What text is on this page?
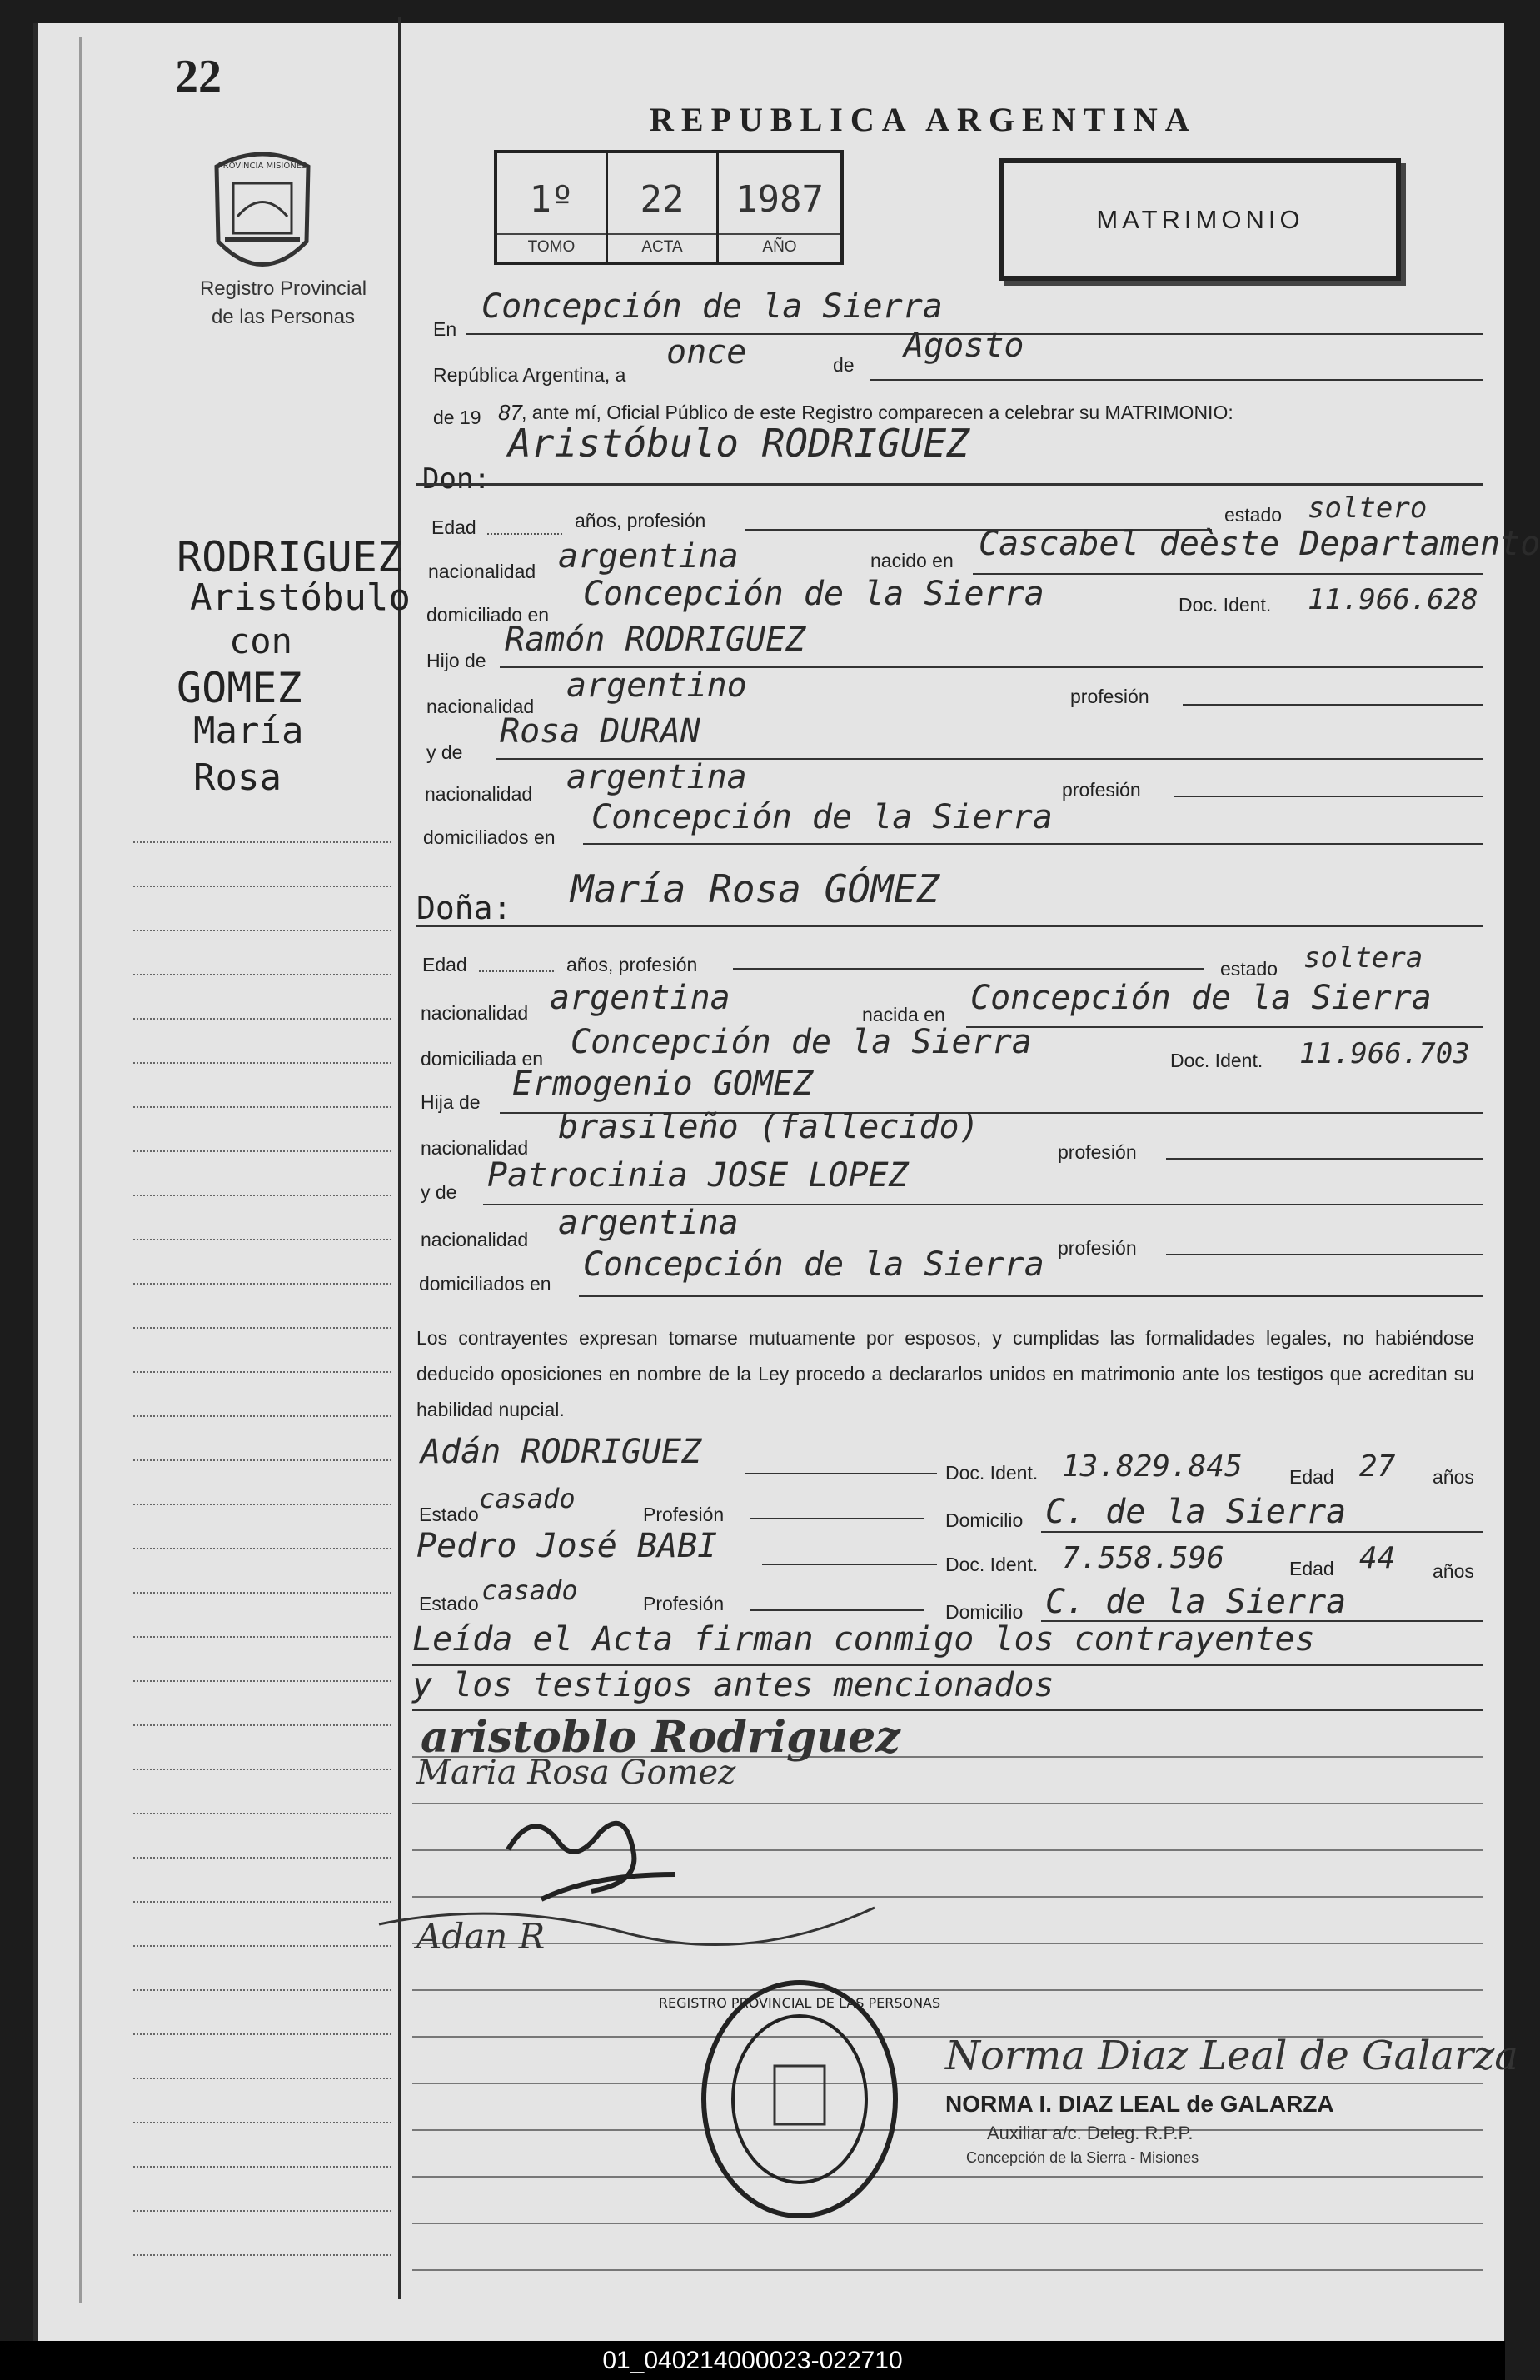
22
PROVINCIA MISIONES
Registro Provincial
de las Personas
RODRIGUEZ
Aristóbulo
con
GOMEZ
María
Rosa
REPUBLICA ARGENTINA
1º
TOMO
22
ACTA
1987
AÑO
MATRIMONIO
En
Concepción de la Sierra
República Argentina, a
once	de Agosto
de 19 87 , ante mí, Oficial Público de este Registro comparecen a celebrar su MATRIMONIO:
Don:
Aristóbulo RODRIGUEZ
Edad	años, profesión	estado soltero
nacionalidad argentina	nacido en Cascabel deèste Departamento
domiciliado en
Concepción de la Sierra	Doc. Ident. 11.966.628
Hijo de
Ramón RODRIGUEZ
nacionalidad
argentino	profesión
y de
Rosa DURAN
nacionalidad argentina	profesión
domiciliados en
Concepción de la Sierra
Doña: María Rosa GÓMEZ
Edad	años, profesión	estado soltera
nacionalidad argentina	nacida en Concepción de la Sierra
domiciliada en Concepción de la Sierra	Doc. Ident. 11.966.703
Hija de Ermogenio GOMEZ
nacionalidad
brasileño (fallecido)
profesión
y de Patrocinia JOSE LOPEZ
nacionalidad argentina
profesión
domiciliados en Concepción de la Sierra
Los contrayentes expresan tomarse mutuamente por esposos, y cumplidas las formalidades legales, no habiéndose deducido oposiciones en nombre de la Ley procedo a declararlos unidos en matrimonio ante los testigos que acreditan su habilidad nupcial.
Adán RODRIGUEZ
Doc. Ident. 13.829.845 Edad 27 años
Estado casado	Profesión	Domicilio C. de la Sierra
Pedro José BABI	Doc. Ident. 7.558.596	Edad 44 años
Estado casado	Profesión	Domicilio C. de la Sierra
Leída el Acta firman conmigo los contrayentes
y los testigos antes mencionados
aristoblo Rodriguez
Maria Rosa Gomez
Adan R
REGISTRO PROVINCIAL DE LAS PERSONAS
Norma Diaz Leal de Galarza
NORMA I. DIAZ LEAL de GALARZA
Auxiliar a/c. Deleg. R.P.P.
Concepción de la Sierra - Misiones
01_040214000023-022710
